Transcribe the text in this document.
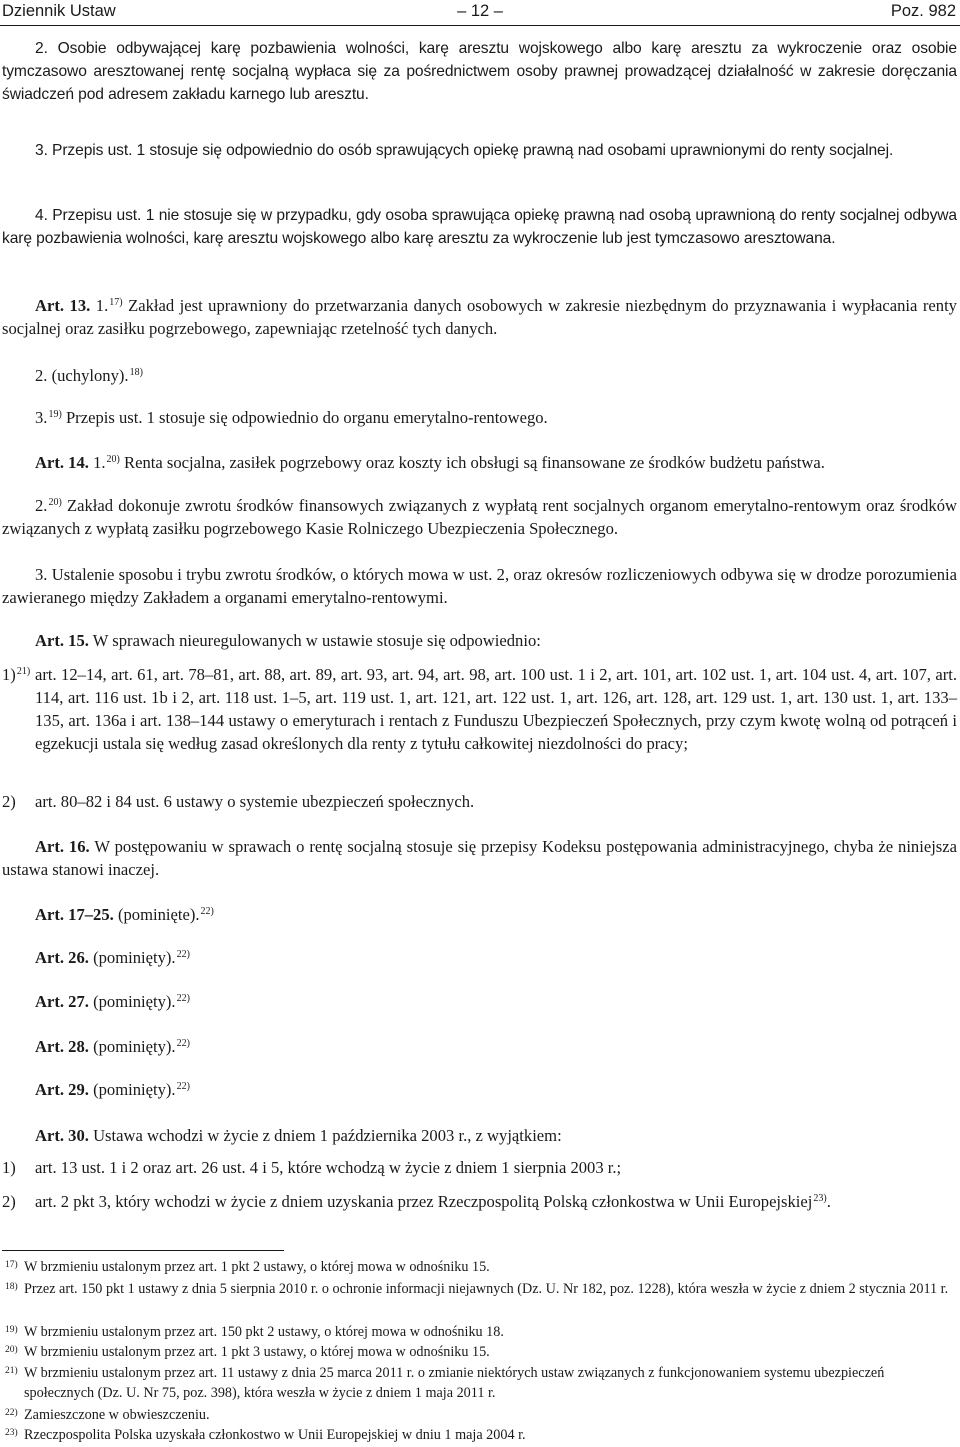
Dziennik Ustaw	– 12 –	Poz. 982

2. Osobie odbywającej karę pozbawienia wolności, karę aresztu wojskowego albo karę aresztu za wykroczenie oraz osobie tymczasowo aresztowanej rentę socjalną wypłaca się za pośrednictwem osoby prawnej prowadzącej działalność w zakresie doręczania świadczeń pod adresem zakładu karnego lub aresztu.

3. Przepis ust. 1 stosuje się odpowiednio do osób sprawujących opiekę prawną nad osobami uprawnionymi do renty socjalnej.

4. Przepisu ust. 1 nie stosuje się w przypadku, gdy osoba sprawująca opiekę prawną nad osobą uprawnioną do renty socjalnej odbywa karę pozbawienia wolności, karę aresztu wojskowego albo karę aresztu za wykroczenie lub jest tymczasowo aresztowana.

Art. 13. 1.$^{17)}$ Zakład jest uprawniony do przetwarzania danych osobowych w zakresie niezbędnym do przyznawania i wypłacania renty socjalnej oraz zasiłku pogrzebowego, zapewniając rzetelność tych danych.

2. (uchylony).$^{18)}$

3.$^{19)}$ Przepis ust. 1 stosuje się odpowiednio do organu emerytalno-rentowego.

Art. 14. 1.$^{20)}$ Renta socjalna, zasiłek pogrzebowy oraz koszty ich obsługi są finansowane ze środków budżetu państwa.

2.$^{20)}$ Zakład dokonuje zwrotu środków finansowych związanych z wypłatą rent socjalnych organom emerytalno-rentowym oraz środków związanych z wypłatą zasiłku pogrzebowego Kasie Rolniczego Ubezpieczenia Społecznego.

3. Ustalenie sposobu i trybu zwrotu środków, o których mowa w ust. 2, oraz okresów rozliczeniowych odbywa się w drodze porozumienia zawieranego między Zakładem a organami emerytalno-rentowymi.

Art. 15. W sprawach nieuregulowanych w ustawie stosuje się odpowiednio:

1)$^{21)}$ art. 12–14, art. 61, art. 78–81, art. 88, art. 89, art. 93, art. 94, art. 98, art. 100 ust. 1 i 2, art. 101, art. 102 ust. 1, art. 104 ust. 4, art. 107, art. 114, art. 116 ust. 1b i 2, art. 118 ust. 1–5, art. 119 ust. 1, art. 121, art. 122 ust. 1, art. 126, art. 128, art. 129 ust. 1, art. 130 ust. 1, art. 133–135, art. 136a i art. 138–144 ustawy o emeryturach i rentach z Funduszu Ubezpieczeń Społecznych, przy czym kwotę wolną od potrąceń i egzekucji ustala się według zasad określonych dla renty z tytułu całkowitej niezdolności do pracy;
2) art. 80–82 i 84 ust. 6 ustawy o systemie ubezpieczeń społecznych.

Art. 16. W postępowaniu w sprawach o rentę socjalną stosuje się przepisy Kodeksu postępowania administracyjnego, chyba że niniejsza ustawa stanowi inaczej.

Art. 17–25. (pominięte).$^{22)}$

Art. 26. (pominięty).$^{22)}$

Art. 27. (pominięty).$^{22)}$

Art. 28. (pominięty).$^{22)}$

Art. 29. (pominięty).$^{22)}$

Art. 30. Ustawa wchodzi w życie z dniem 1 października 2003 r., z wyjątkiem:

1) art. 13 ust. 1 i 2 oraz art. 26 ust. 4 i 5, które wchodzą w życie z dniem 1 sierpnia 2003 r.;
2) art. 2 pkt 3, który wchodzi w życie z dniem uzyskania przez Rzeczpospolitą Polską członkostwa w Unii Europejskiej$^{23)}$.
17) W brzmieniu ustalonym przez art. 1 pkt 2 ustawy, o której mowa w odnośniku 15.
18) Przez art. 150 pkt 1 ustawy z dnia 5 sierpnia 2010 r. o ochronie informacji niejawnych (Dz. U. Nr 182, poz. 1228), która weszła w życie z dniem 2 stycznia 2011 r.
19) W brzmieniu ustalonym przez art. 150 pkt 2 ustawy, o której mowa w odnośniku 18.
20) W brzmieniu ustalonym przez art. 1 pkt 3 ustawy, o której mowa w odnośniku 15.
21) W brzmieniu ustalonym przez art. 11 ustawy z dnia 25 marca 2011 r. o zmianie niektórych ustaw związanych z funkcjonowaniem systemu ubezpieczeń społecznych (Dz. U. Nr 75, poz. 398), która weszła w życie z dniem 1 maja 2011 r.
22) Zamieszczone w obwieszczeniu.
23) Rzeczpospolita Polska uzyskała członkostwo w Unii Europejskiej w dniu 1 maja 2004 r.
